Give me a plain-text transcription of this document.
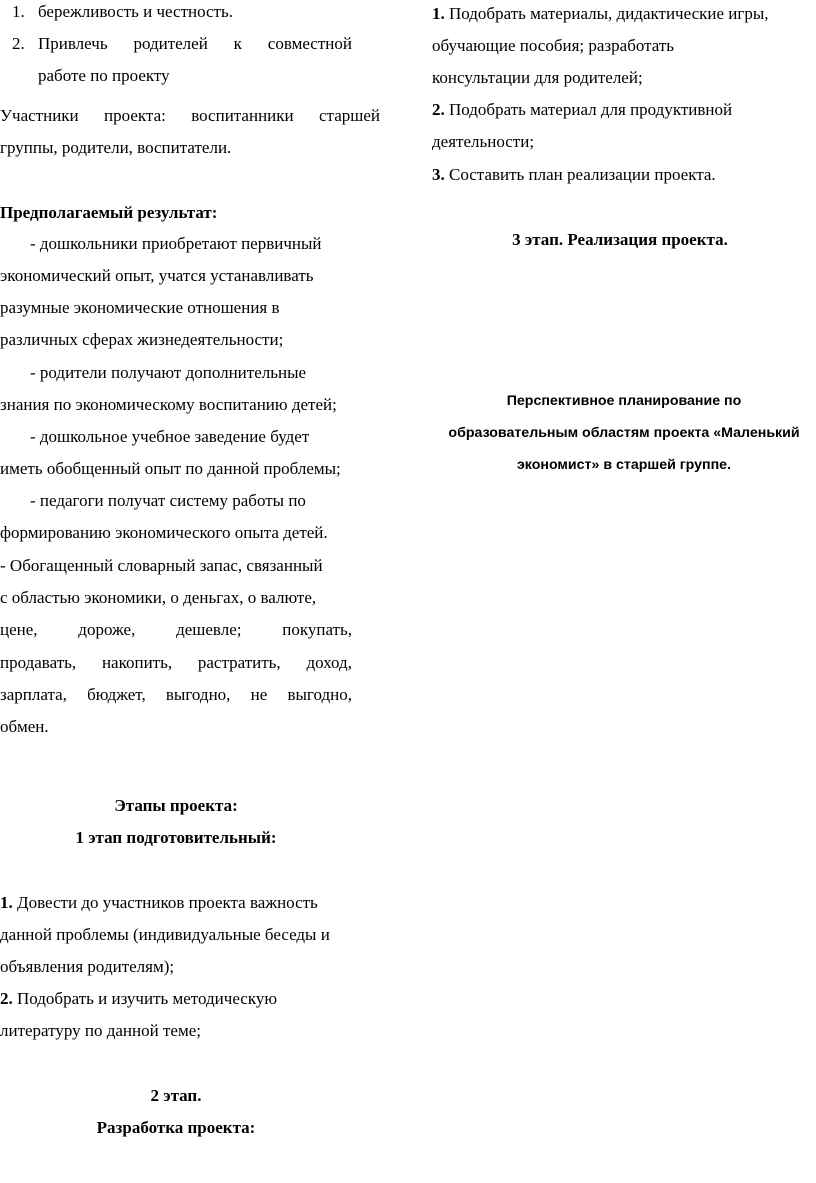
1. бережливость и честность.
2. Привлечь родителей к совместной
работе по проекту
Участники проекта: воспитанники старшей
группы, родители, воспитатели.
Предполагаемый результат:
- дошкольники приобретают первичный
экономический опыт, учатся устанавливать
разумные экономические отношения в
различных сферах жизнедеятельности;
- родители получают дополнительные
знания по экономическому воспитанию детей;
- дошкольное учебное заведение будет
иметь обобщенный опыт по данной проблемы;
- педагоги получат систему работы по
формированию экономического опыта детей.
- Обогащенный словарный запас, связанный
с областью экономики, о деньгах, о валюте,
цене, дороже, дешевле; покупать,
продавать, накопить, растратить, доход,
зарплата, бюджет, выгодно, не выгодно,
обмен.
Этапы проекта:
1 этап подготовительный:
1. Довести до участников проекта важность
данной проблемы (индивидуальные беседы и
объявления родителям);
2. Подобрать и изучить методическую
литературу по данной теме;
2 этап.
Разработка проекта:
1. Подобрать материалы, дидактические игры,
обучающие пособия; разработать
консультации для родителей;
2. Подобрать материал для продуктивной
деятельности;
3. Составить план реализации проекта.
3 этап. Реализация проекта.
Перспективное планирование по
образовательным областям проекта «Маленький
экономист» в старшей группе.
